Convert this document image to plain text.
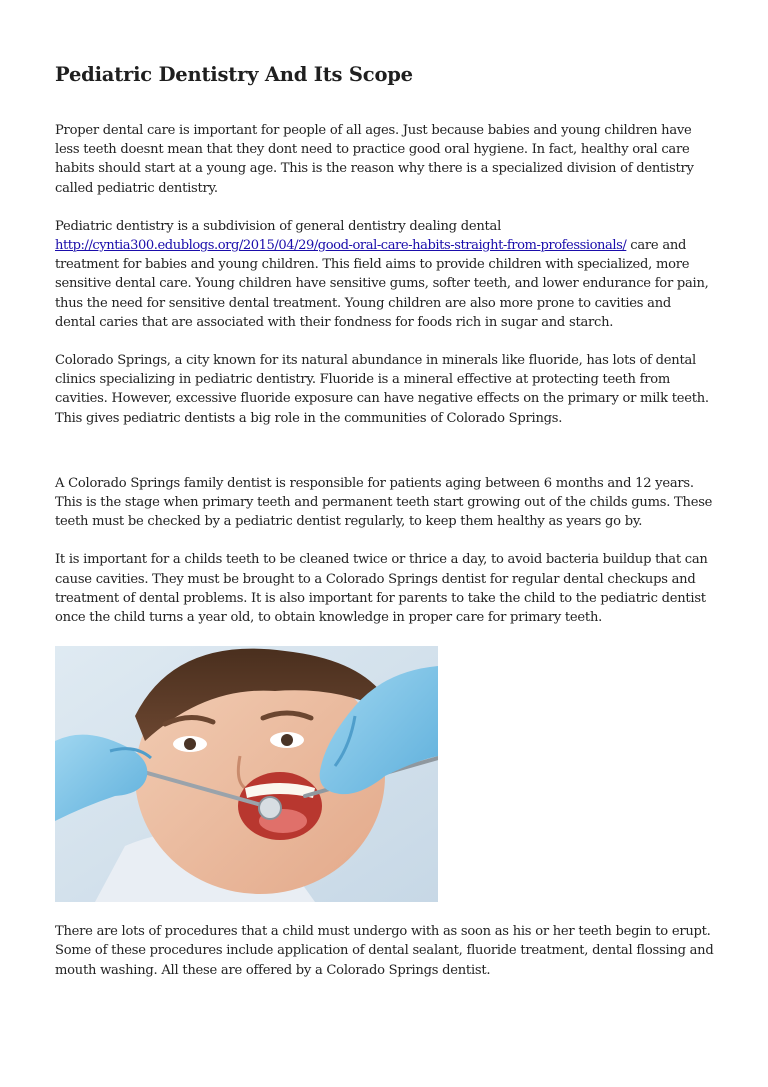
Pediatric Dentistry And Its Scope

Proper dental care is important for people of all ages. Just because babies and young children have less teeth doesnt mean that they dont need to practice good oral hygiene. In fact, healthy oral care habits should start at a young age. This is the reason why there is a specialized division of dentistry called pediatric dentistry.

Pediatric dentistry is a subdivision of general dentistry dealing dental http://cyntia300.edublogs.org/2015/04/29/good-oral-care-habits-straight-from-professionals/ care and treatment for babies and young children. This field aims to provide children with specialized, more sensitive dental care. Young children have sensitive gums, softer teeth, and lower endurance for pain, thus the need for sensitive dental treatment. Young children are also more prone to cavities and dental caries that are associated with their fondness for foods rich in sugar and starch.

Colorado Springs, a city known for its natural abundance in minerals like fluoride, has lots of dental clinics specializing in pediatric dentistry. Fluoride is a mineral effective at protecting teeth from cavities. However, excessive fluoride exposure can have negative effects on the primary or milk teeth. This gives pediatric dentists a big role in the communities of Colorado Springs.

A Colorado Springs family dentist is responsible for patients aging between 6 months and 12 years. This is the stage when primary teeth and permanent teeth start growing out of the childs gums. These teeth must be checked by a pediatric dentist regularly, to keep them healthy as years go by.

It is important for a childs teeth to be cleaned twice or thrice a day, to avoid bacteria buildup that can cause cavities. They must be brought to a Colorado Springs dentist for regular dental checkups and treatment of dental problems. It is also important for parents to take the child to the pediatric dentist once the child turns a year old, to obtain knowledge in proper care for primary teeth.

There are lots of procedures that a child must undergo with as soon as his or her teeth begin to erupt. Some of these procedures include application of dental sealant, fluoride treatment, dental flossing and mouth washing. All these are offered by a Colorado Springs dentist.
